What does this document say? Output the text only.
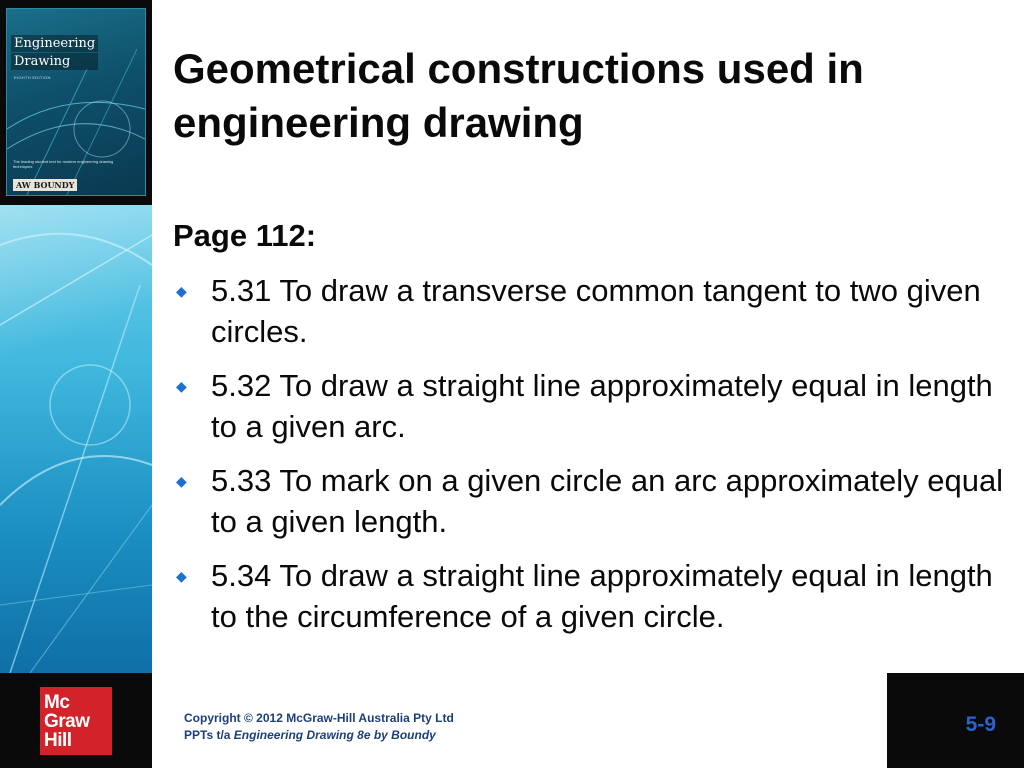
Engineering
Drawing
EIGHTH EDITION
The leading student text for modern engineering drawing techniques
AW BOUNDY
Mc
Graw
Hill
Geometrical constructions used in engineering drawing
Page 112:
◆ 5.31 To draw a transverse common tangent to two given circles.
◆ 5.32 To draw a straight line approximately equal in length to a given arc.
◆ 5.33 To mark on a given circle an arc approximately equal to a given length.
◆ 5.34 To draw a straight line approximately equal in length to the circumference of a given circle.
Copyright © 2012 McGraw-Hill Australia Pty Ltd
PPTs t/a Engineering Drawing 8e by Boundy	5-9
